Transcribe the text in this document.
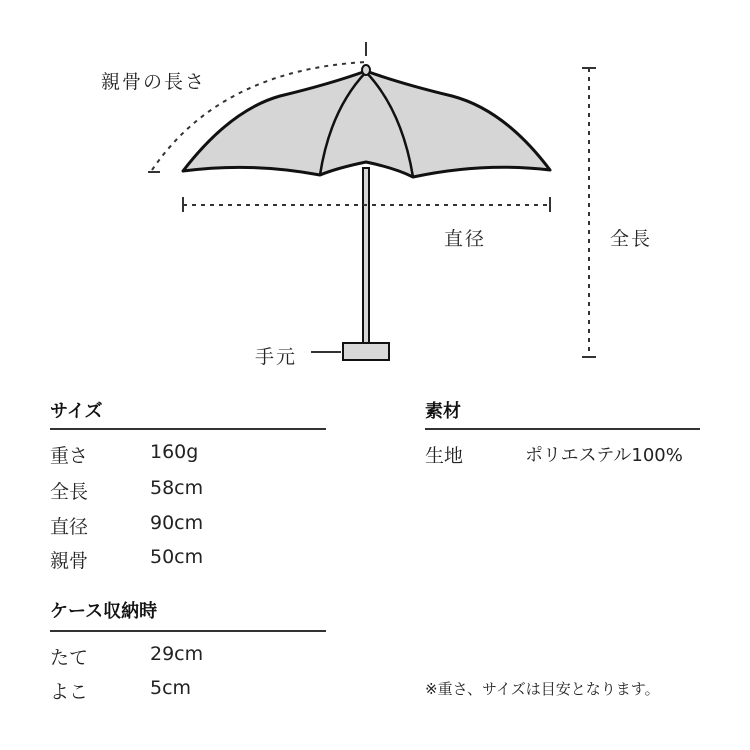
親骨の長さ
直径	全長
手元
サイズ
重さ	160g
全長	58cm
直径	90cm
親骨	50cm
ケース収納時
たて	29cm
よこ	5cm
素材
生地	ポリエステル100%
※重さ、サイズは目安となります。
